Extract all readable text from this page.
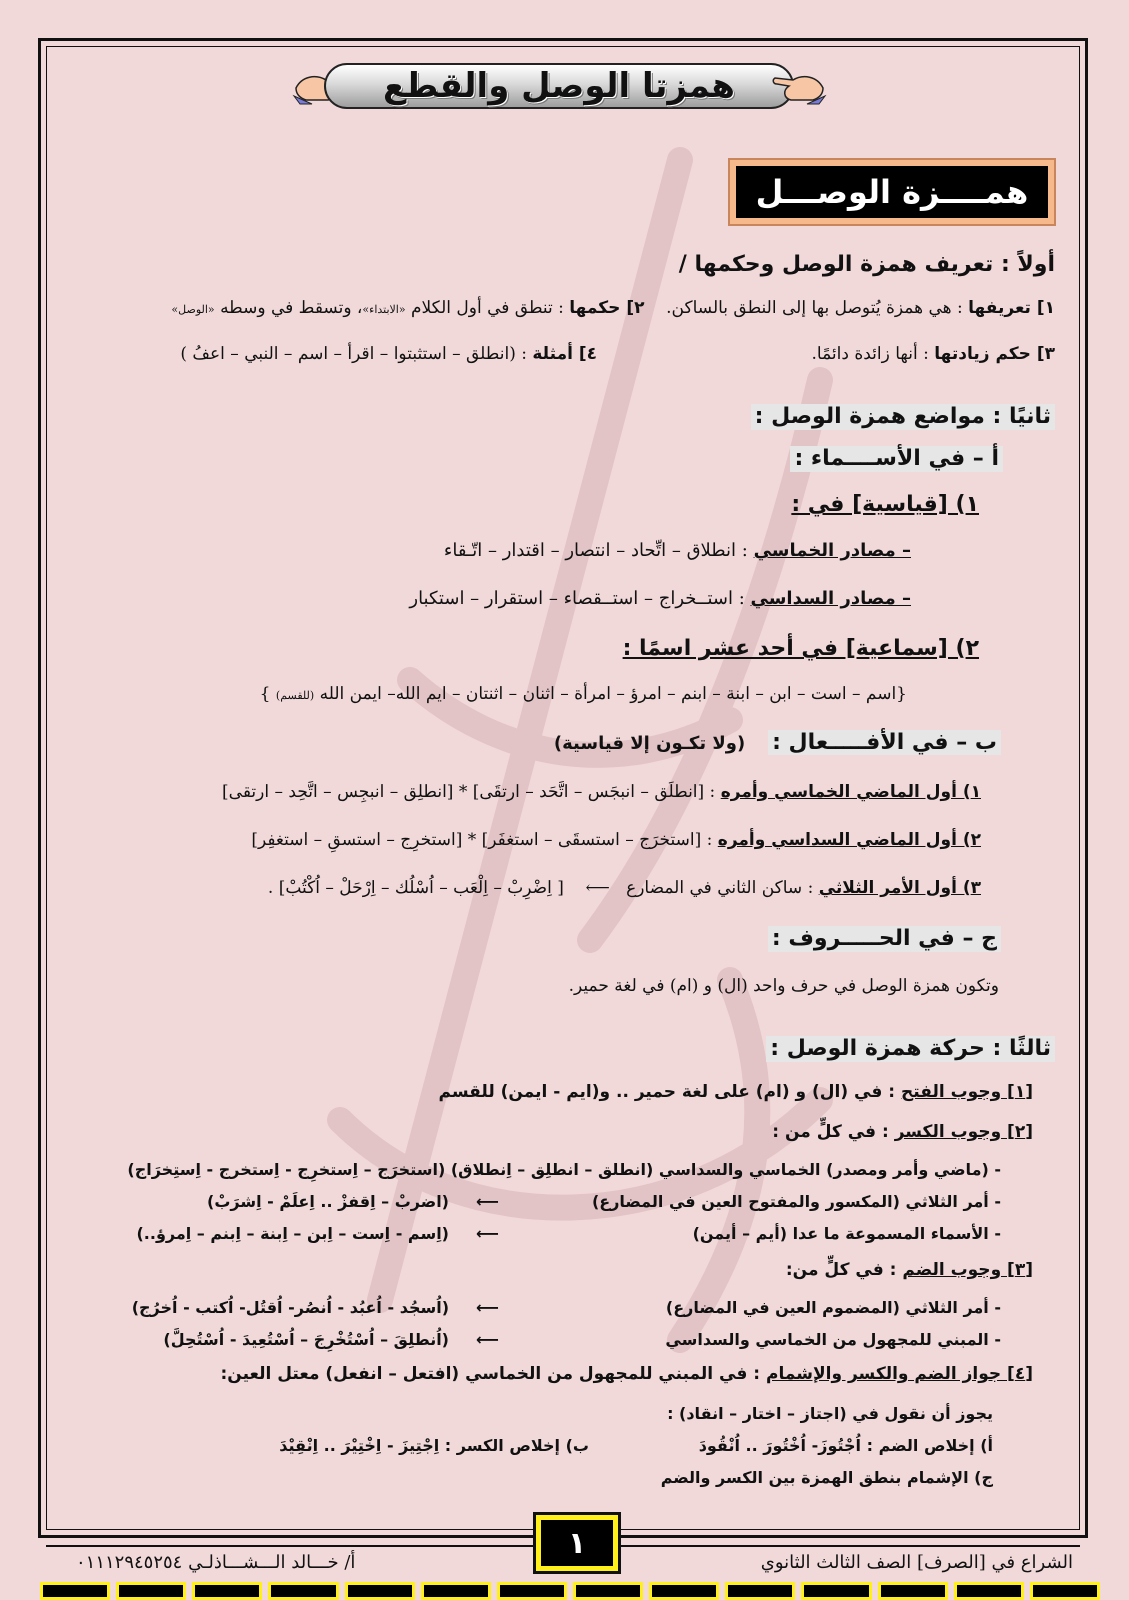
همزتا الوصل والقطع
همــــزة الوصـــل
أولاً : تعريف همزة الوصل وحكمها /
١] تعريفها : هي همزة يُتوصل بها إلى النطق بالساكن.    ٢] حكمها : تنطق في أول الكلام «الابتداء»، وتسقط في وسطه «الوصل»
٣] حكم زيادتها : أنها زائدة دائمًا.
٤] أمثلة : (انطلق – استثبتوا – اقرأ – اسم – النبي – اعفُ )
ثانيًا : مواضع همزة الوصل :
أ – في الأســــماء :
١) [قياسية] في :
– مصادر الخماسي : انطلاق – اتِّحاد – انتصار – اقتدار – اتّـقاء
– مصادر السداسي : استــخراج – استــقصاء – استقرار – استكبار
٢) [سماعية] في أحد عشر اسمًا :
{اسم – است – ابن – ابنة – ابنم – امرؤ – امرأة – اثنان – اثنتان – ايم الله– ايمن الله (للقسم) }
ب – في الأفـــــعال :    (ولا تكـون إلا قياسية)
١) أول الماضي الخماسي وأمره : [انطلَق – انبجَس – اتَّحَد – ارتقَى] * [انطلِق – انبجِس – اتَّحِد – ارتقى]
٢) أول الماضي السداسي وأمره : [استخرَج – استسقَى – استغفَر] * [استخرِج – استسقِ – استغفِر]
٣) أول الأمر الثلاثي : ساكن الثاني في المضارع   ⟵    [ اِضْرِبْ – اِلْعَب – اُسْلُك – اِرْحَلْ – اُكْتُبْ] .
ج – في الحـــــروف :
وتكون همزة الوصل في حرف واحد (ال) و (ام) في لغة حمير.
ثالثًا : حركة همزة الوصل :
[١] وجوب الفتح : في (ال) و (ام) على لغة حمير .. و(ايم - ايمن) للقسم
[٢] وجوب الكسر : في كلٍّ من :
- (ماضي وأمر ومصدر) الخماسي والسداسي (انطلق – انطلِق – اِنطلاق) (استخرَج – اِستخرِج - اِستخرج - اِستِخرَاج)
- أمر الثلاثي (المكسور والمفتوح العين في المضارع)
⟵
(اضربْ – اِقفزْ .. اِعلَمْ - اِشرَبْ)
- الأسماء المسموعة ما عدا (أيم – أيمن)
⟵
(اِسم - اِست – اِبن – اِبنة – اِبنم – اِمرؤ..)
[٣] وجوب الضم : في كلٍّ من:
- أمر الثلاثي (المضموم العين في المضارع)
⟵
(اُسجُد - اُعبُد - اُنصُر- اُقتُل- اُكتب - اُخرُج)
- المبني للمجهول من الخماسي والسداسي
⟵
(اُنطلِقَ – اُسْتُخْرِجَ – اُسْتُعِيدَ - اُسْتُحِلَّ)
[٤] جواز الضم والكسر والإشمام : في المبني للمجهول من الخماسي (افتعل – انفعل) معتل العين:
يجوز أن نقول في (اجتاز – اختار – انقاد) :
أ) إخلاص الضم : اُجْتُوزَ- اُخْتُورَ .. اُنْقُودَ
ب) إخلاص الكسر : اِجْتِيزَ - اِخْتِيْرَ .. اِنْقِيْدَ
ج) الإشمام بنطق الهمزة بين الكسر والضم
الشراع في [الصرف] الصف الثالث الثانوي
١
أ/ خـــالد الـــشـــاذلـي ٠١١١٢٩٤٥٢٥٤
